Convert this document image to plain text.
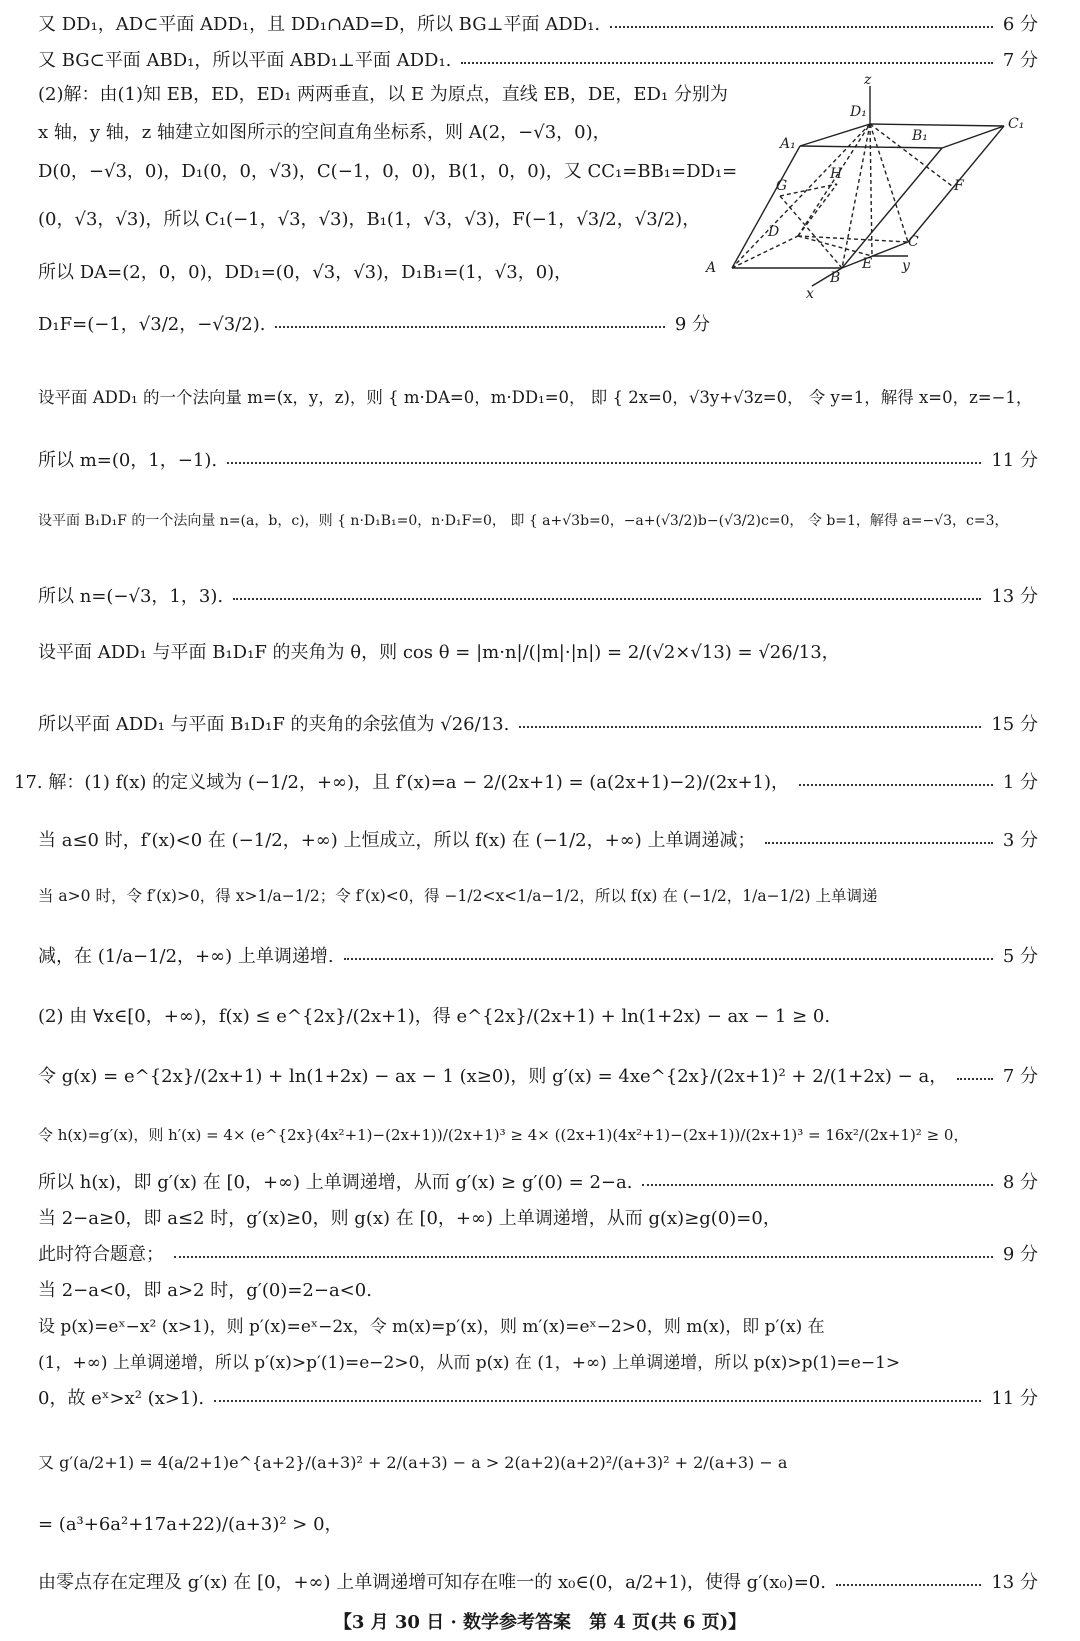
又 DD₁，AD⊂平面 ADD₁，且 DD₁∩AD=D，所以 BG⊥平面 ADD₁.	6 分
又 BG⊂平面 ABD₁，所以平面 ABD₁⊥平面 ADD₁.	7 分
(2)解：由(1)知 EB，ED，ED₁ 两两垂直，以 E 为原点，直线 EB，DE，ED₁ 分别为
x 轴，y 轴，z 轴建立如图所示的空间直角坐标系，则 A(2，−√3，0)，
D(0，−√3，0)，D₁(0，0，√3)，C(−1，0，0)，B(1，0，0)，又 CC₁=BB₁=DD₁=
(0，√3，√3)，所以 C₁(−1，√3，√3)，B₁(1，√3，√3)，F(−1，√3/2，√3/2)，
所以 DA=(2，0，0)，DD₁=(0，√3，√3)，D₁B₁=(1，√3，0)，
D₁F=(−1，√3/2，−√3/2).	9 分
设平面 ADD₁ 的一个法向量 m=(x，y，z)，则 { m·DA=0，m·DD₁=0， 即 { 2x=0，√3y+√3z=0， 令 y=1，解得 x=0，z=−1，
所以 m=(0，1，−1).	11 分
设平面 B₁D₁F 的一个法向量 n=(a，b，c)，则 { n·D₁B₁=0，n·D₁F=0， 即 { a+√3b=0，−a+(√3/2)b−(√3/2)c=0， 令 b=1，解得 a=−√3，c=3，
所以 n=(−√3，1，3).	13 分
设平面 ADD₁ 与平面 B₁D₁F 的夹角为 θ，则 cos θ = |m·n|/(|m|·|n|) = 2/(√2×√13) = √26/13，
所以平面 ADD₁ 与平面 B₁D₁F 的夹角的余弦值为 √26/13.	15 分
17. 解：(1) f(x) 的定义域为 (−1/2，+∞)，且 f′(x)=a − 2/(2x+1) = (a(2x+1)−2)/(2x+1)，	1 分
当 a≤0 时，f′(x)<0 在 (−1/2，+∞) 上恒成立，所以 f(x) 在 (−1/2，+∞) 上单调递减；	3 分
当 a>0 时，令 f′(x)>0，得 x>1/a−1/2；令 f′(x)<0，得 −1/2<x<1/a−1/2，所以 f(x) 在 (−1/2，1/a−1/2) 上单调递
减，在 (1/a−1/2，+∞) 上单调递增.	5 分
(2) 由 ∀x∈[0，+∞)，f(x) ≤ e^{2x}/(2x+1)，得 e^{2x}/(2x+1) + ln(1+2x) − ax − 1 ≥ 0.
令 g(x) = e^{2x}/(2x+1) + ln(1+2x) − ax − 1 (x≥0)，则 g′(x) = 4xe^{2x}/(2x+1)² + 2/(1+2x) − a，	7 分
令 h(x)=g′(x)，则 h′(x) = 4× (e^{2x}(4x²+1)−(2x+1))/(2x+1)³ ≥ 4× ((2x+1)(4x²+1)−(2x+1))/(2x+1)³ = 16x²/(2x+1)² ≥ 0，
所以 h(x)，即 g′(x) 在 [0，+∞) 上单调递增，从而 g′(x) ≥ g′(0) = 2−a.	8 分
当 2−a≥0，即 a≤2 时，g′(x)≥0，则 g(x) 在 [0，+∞) 上单调递增，从而 g(x)≥g(0)=0，
此时符合题意；	9 分
当 2−a<0，即 a>2 时，g′(0)=2−a<0.
设 p(x)=eˣ−x² (x>1)，则 p′(x)=eˣ−2x，令 m(x)=p′(x)，则 m′(x)=eˣ−2>0，则 m(x)，即 p′(x) 在
(1，+∞) 上单调递增，所以 p′(x)>p′(1)=e−2>0，从而 p(x) 在 (1，+∞) 上单调递增，所以 p(x)>p(1)=e−1>
0，故 eˣ>x² (x>1).	11 分
又 g′(a/2+1) = 4(a/2+1)e^{a+2}/(a+3)² + 2/(a+3) − a > 2(a+2)(a+2)²/(a+3)² + 2/(a+3) − a
= (a³+6a²+17a+22)/(a+3)² > 0，
由零点存在定理及 g′(x) 在 [0，+∞) 上单调递增可知存在唯一的 x₀∈(0，a/2+1)，使得 g′(x₀)=0.	13 分
z
D₁
C₁
A₁	B₁
G
H
F
D
C
A
B
E y
x
【3 月 30 日 · 数学参考答案　第 4 页(共 6 页)】
